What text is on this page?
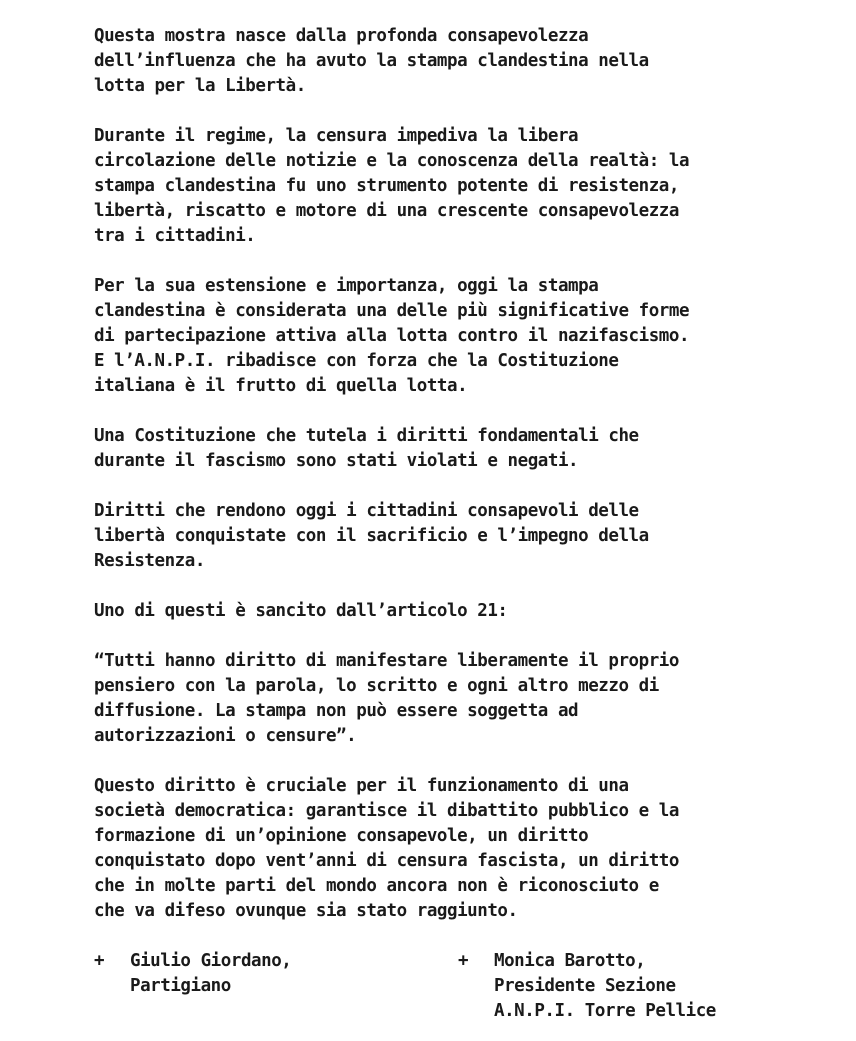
Questa mostra nasce dalla profonda consapevolezza
dell’influenza che ha avuto la stampa clandestina nella
lotta per la Libertà.

Durante il regime, la censura impediva la libera
circolazione delle notizie e la conoscenza della realtà: la
stampa clandestina fu uno strumento potente di resistenza,
libertà, riscatto e motore di una crescente consapevolezza
tra i cittadini.

Per la sua estensione e importanza, oggi la stampa
clandestina è considerata una delle più significative forme
di partecipazione attiva alla lotta contro il nazifascismo.
E l’A.N.P.I. ribadisce con forza che la Costituzione
italiana è il frutto di quella lotta.

Una Costituzione che tutela i diritti fondamentali che
durante il fascismo sono stati violati e negati.

Diritti che rendono oggi i cittadini consapevoli delle
libertà conquistate con il sacrificio e l’impegno della
Resistenza.

Uno di questi è sancito dall’articolo 21:

“Tutti hanno diritto di manifestare liberamente il proprio
pensiero con la parola, lo scritto e ogni altro mezzo di
diffusione. La stampa non può essere soggetta ad
autorizzazioni o censure”.

Questo diritto è cruciale per il funzionamento di una
società democratica: garantisce il dibattito pubblico e la
formazione di un’opinione consapevole, un diritto
conquistato dopo vent’anni di censura fascista, un diritto
che in molte parti del mondo ancora non è riconosciuto e
che va difeso ovunque sia stato raggiunto.

+	Giulio Giordano,
Partigiano
+	Monica Barotto,
Presidente Sezione
A.N.P.I. Torre Pellice
